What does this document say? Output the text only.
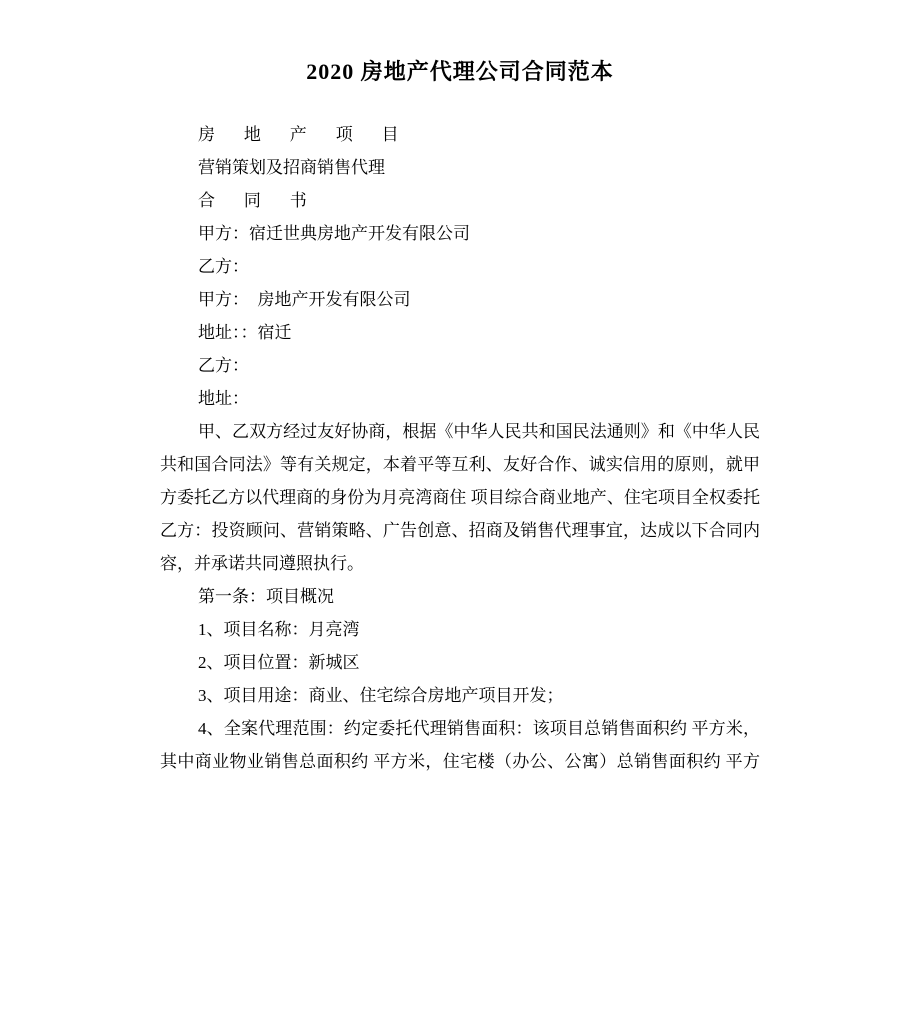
2020 房地产代理公司合同范本
房　地　产　项　目
营销策划及招商销售代理
合　同　书
甲方：宿迁世典房地产开发有限公司
乙方：
甲方：　房地产开发有限公司
地址：：宿迁
乙方：
地址：
甲、乙双方经过友好协商，根据《中华人民共和国民法通则》和《中华人民
共和国合同法》等有关规定，本着平等互利、友好合作、诚实信用的原则，就甲
方委托乙方以代理商的身份为月亮湾商住 项目综合商业地产、住宅项目全权委托
乙方：投资顾问、营销策略、广告创意、招商及销售代理事宜，达成以下合同内
容，并承诺共同遵照执行。
第一条：项目概况
1、项目名称：月亮湾
2、项目位置：新城区
3、项目用途：商业、住宅综合房地产项目开发；
4、全案代理范围：约定委托代理销售面积：该项目总销售面积约 平方米，
其中商业物业销售总面积约 平方米，住宅楼（办公、公寓）总销售面积约 平方
